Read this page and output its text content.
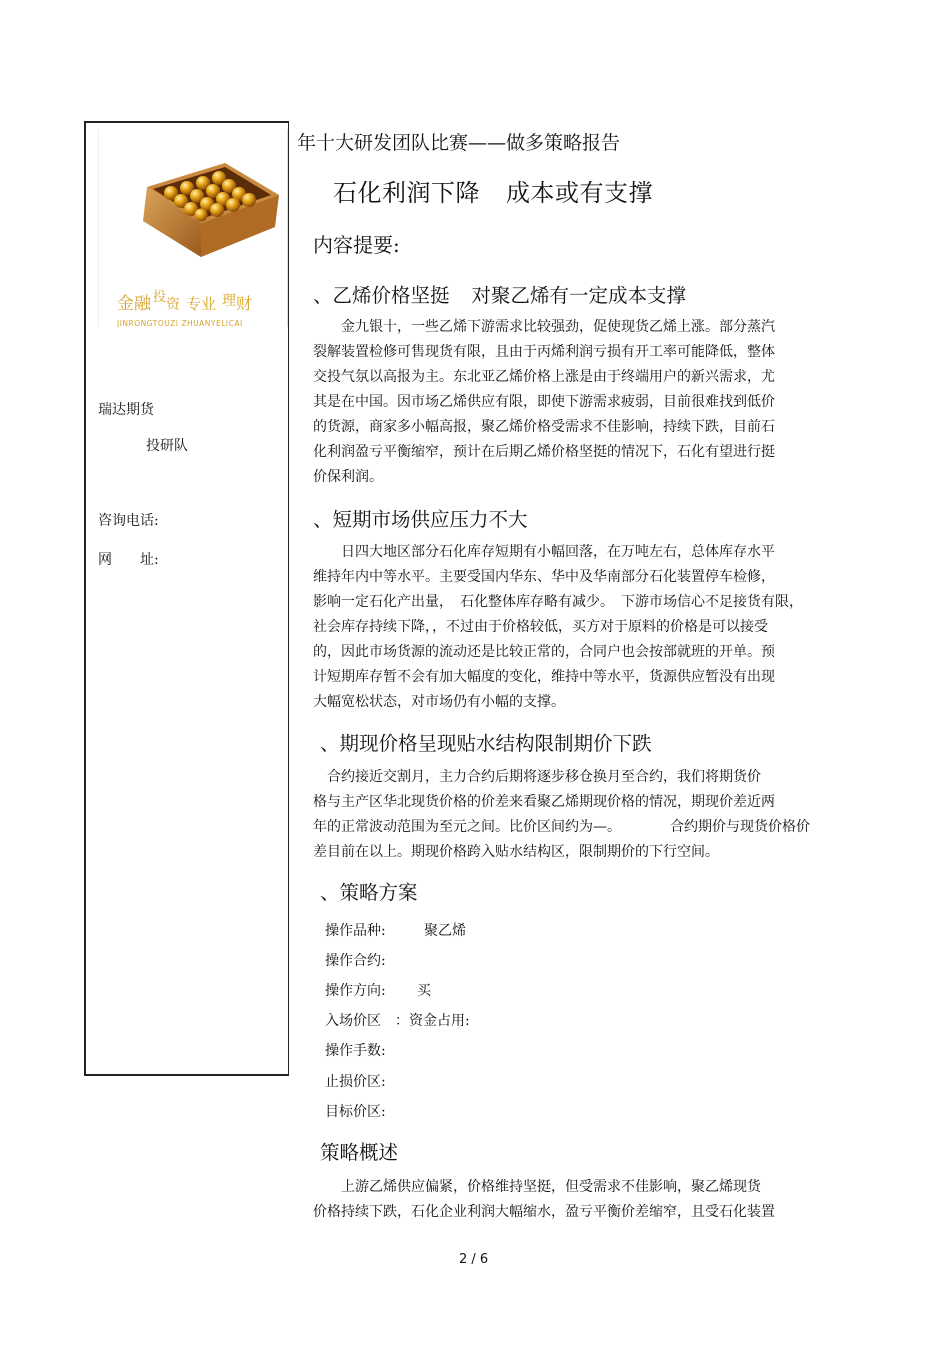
金融 $^投_资$ 专业 $^理$财
JINRONGTOUZI ZHUANYELICAI
瑞达期货
投研队
咨询电话:
网　　址:
年十大研发团队比赛——做多策略报告
石化利润下降 成本或有支撑
内容提要:
、乙烯价格坚挺 对聚乙烯有一定成本支撑
　　金九银十，一些乙烯下游需求比较强劲，促使现货乙烯上涨。部分蒸汽
裂解装置检修可售现货有限，且由于丙烯利润亏损有开工率可能降低，整体
交投气氛以高报为主。东北亚乙烯价格上涨是由于终端用户的新兴需求，尤
其是在中国。因市场乙烯供应有限，即使下游需求疲弱，目前很难找到低价
的货源，商家多小幅高报，聚乙烯价格受需求不佳影响，持续下跌，目前石
化利润盈亏平衡缩窄，预计在后期乙烯价格坚挺的情况下，石化有望进行挺
价保利润。
、短期市场供应压力不大
　　日四大地区部分石化库存短期有小幅回落，在万吨左右，总体库存水平
维持年内中等水平。主要受国内华东、华中及华南部分石化装置停车检修，
影响一定石化产出量，　石化整体库存略有减少。　下游市场信心不足接货有限，
社会库存持续下降，，不过由于价格较低，买方对于原料的价格是可以接受
的，因此市场货源的流动还是比较正常的，合同户也会按部就班的开单。预
计短期库存暂不会有加大幅度的变化，维持中等水平，货源供应暂没有出现
大幅宽松状态，对市场仍有小幅的支撑。
、期现价格呈现贴水结构限制期价下跌
　合约接近交割月，主力合约后期将逐步移仓换月至合约，我们将期货价
格与主产区华北现货价格的价差来看聚乙烯期现价格的情况，期现价差近两
年的正常波动范围为至元之间。比价区间约为—。　　　　合约期价与现货价格价
差目前在以上。期现价格跨入贴水结构区，限制期价的下行空间。
、策略方案
操作品种:	聚乙烯
操作合约:
操作方向: 买
入场价区 ：资金占用:
操作手数:
止损价区:
目标价区:
策略概述
　　上游乙烯供应偏紧，价格维持坚挺，但受需求不佳影响，聚乙烯现货
价格持续下跌，石化企业利润大幅缩水，盈亏平衡价差缩窄，且受石化装置
2 / 6
